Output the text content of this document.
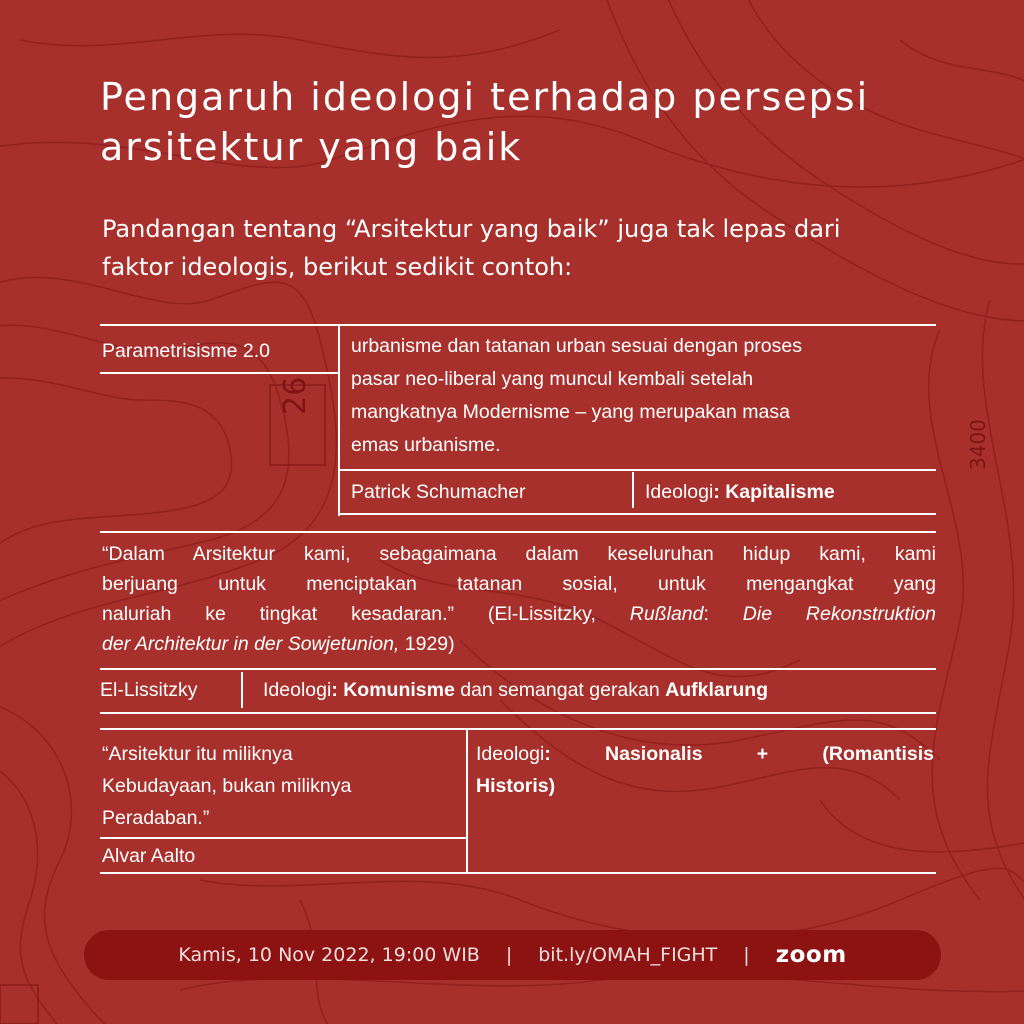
26
3400
Pengaruh ideologi terhadap persepsi
arsitektur yang baik
Pandangan tentang “Arsitektur yang baik” juga tak lepas dari
faktor ideologis, berikut sedikit contoh:
Parametrisisme 2.0	urbanisme dan tatanan urban sesuai dengan proses
pasar neo-liberal yang muncul kembali setelah
mangkatnya Modernisme – yang merupakan masa
emas urbanisme.
Patrick Schumacher	Ideologi: Kapitalisme
“Dalam Arsitektur kami, sebagaimana dalam keseluruhan hidup kami, kami
berjuang untuk menciptakan tatanan sosial, untuk mengangkat yang
naluriah ke tingkat kesadaran.” (El-Lissitzky, Rußland: Die Rekonstruktion
der Architektur in der Sowjetunion, 1929)
El-Lissitzky	Ideologi: Komunisme dan semangat gerakan Aufklarung
“Arsitektur itu miliknya
Kebudayaan, bukan miliknya
Peradaban.”
Alvar Aalto
Ideologi: Nasionalis + (Romantisis
Historis)
Kamis, 10 Nov 2022, 19:00 WIB | bit.ly/OMAH_FIGHT | zoom
